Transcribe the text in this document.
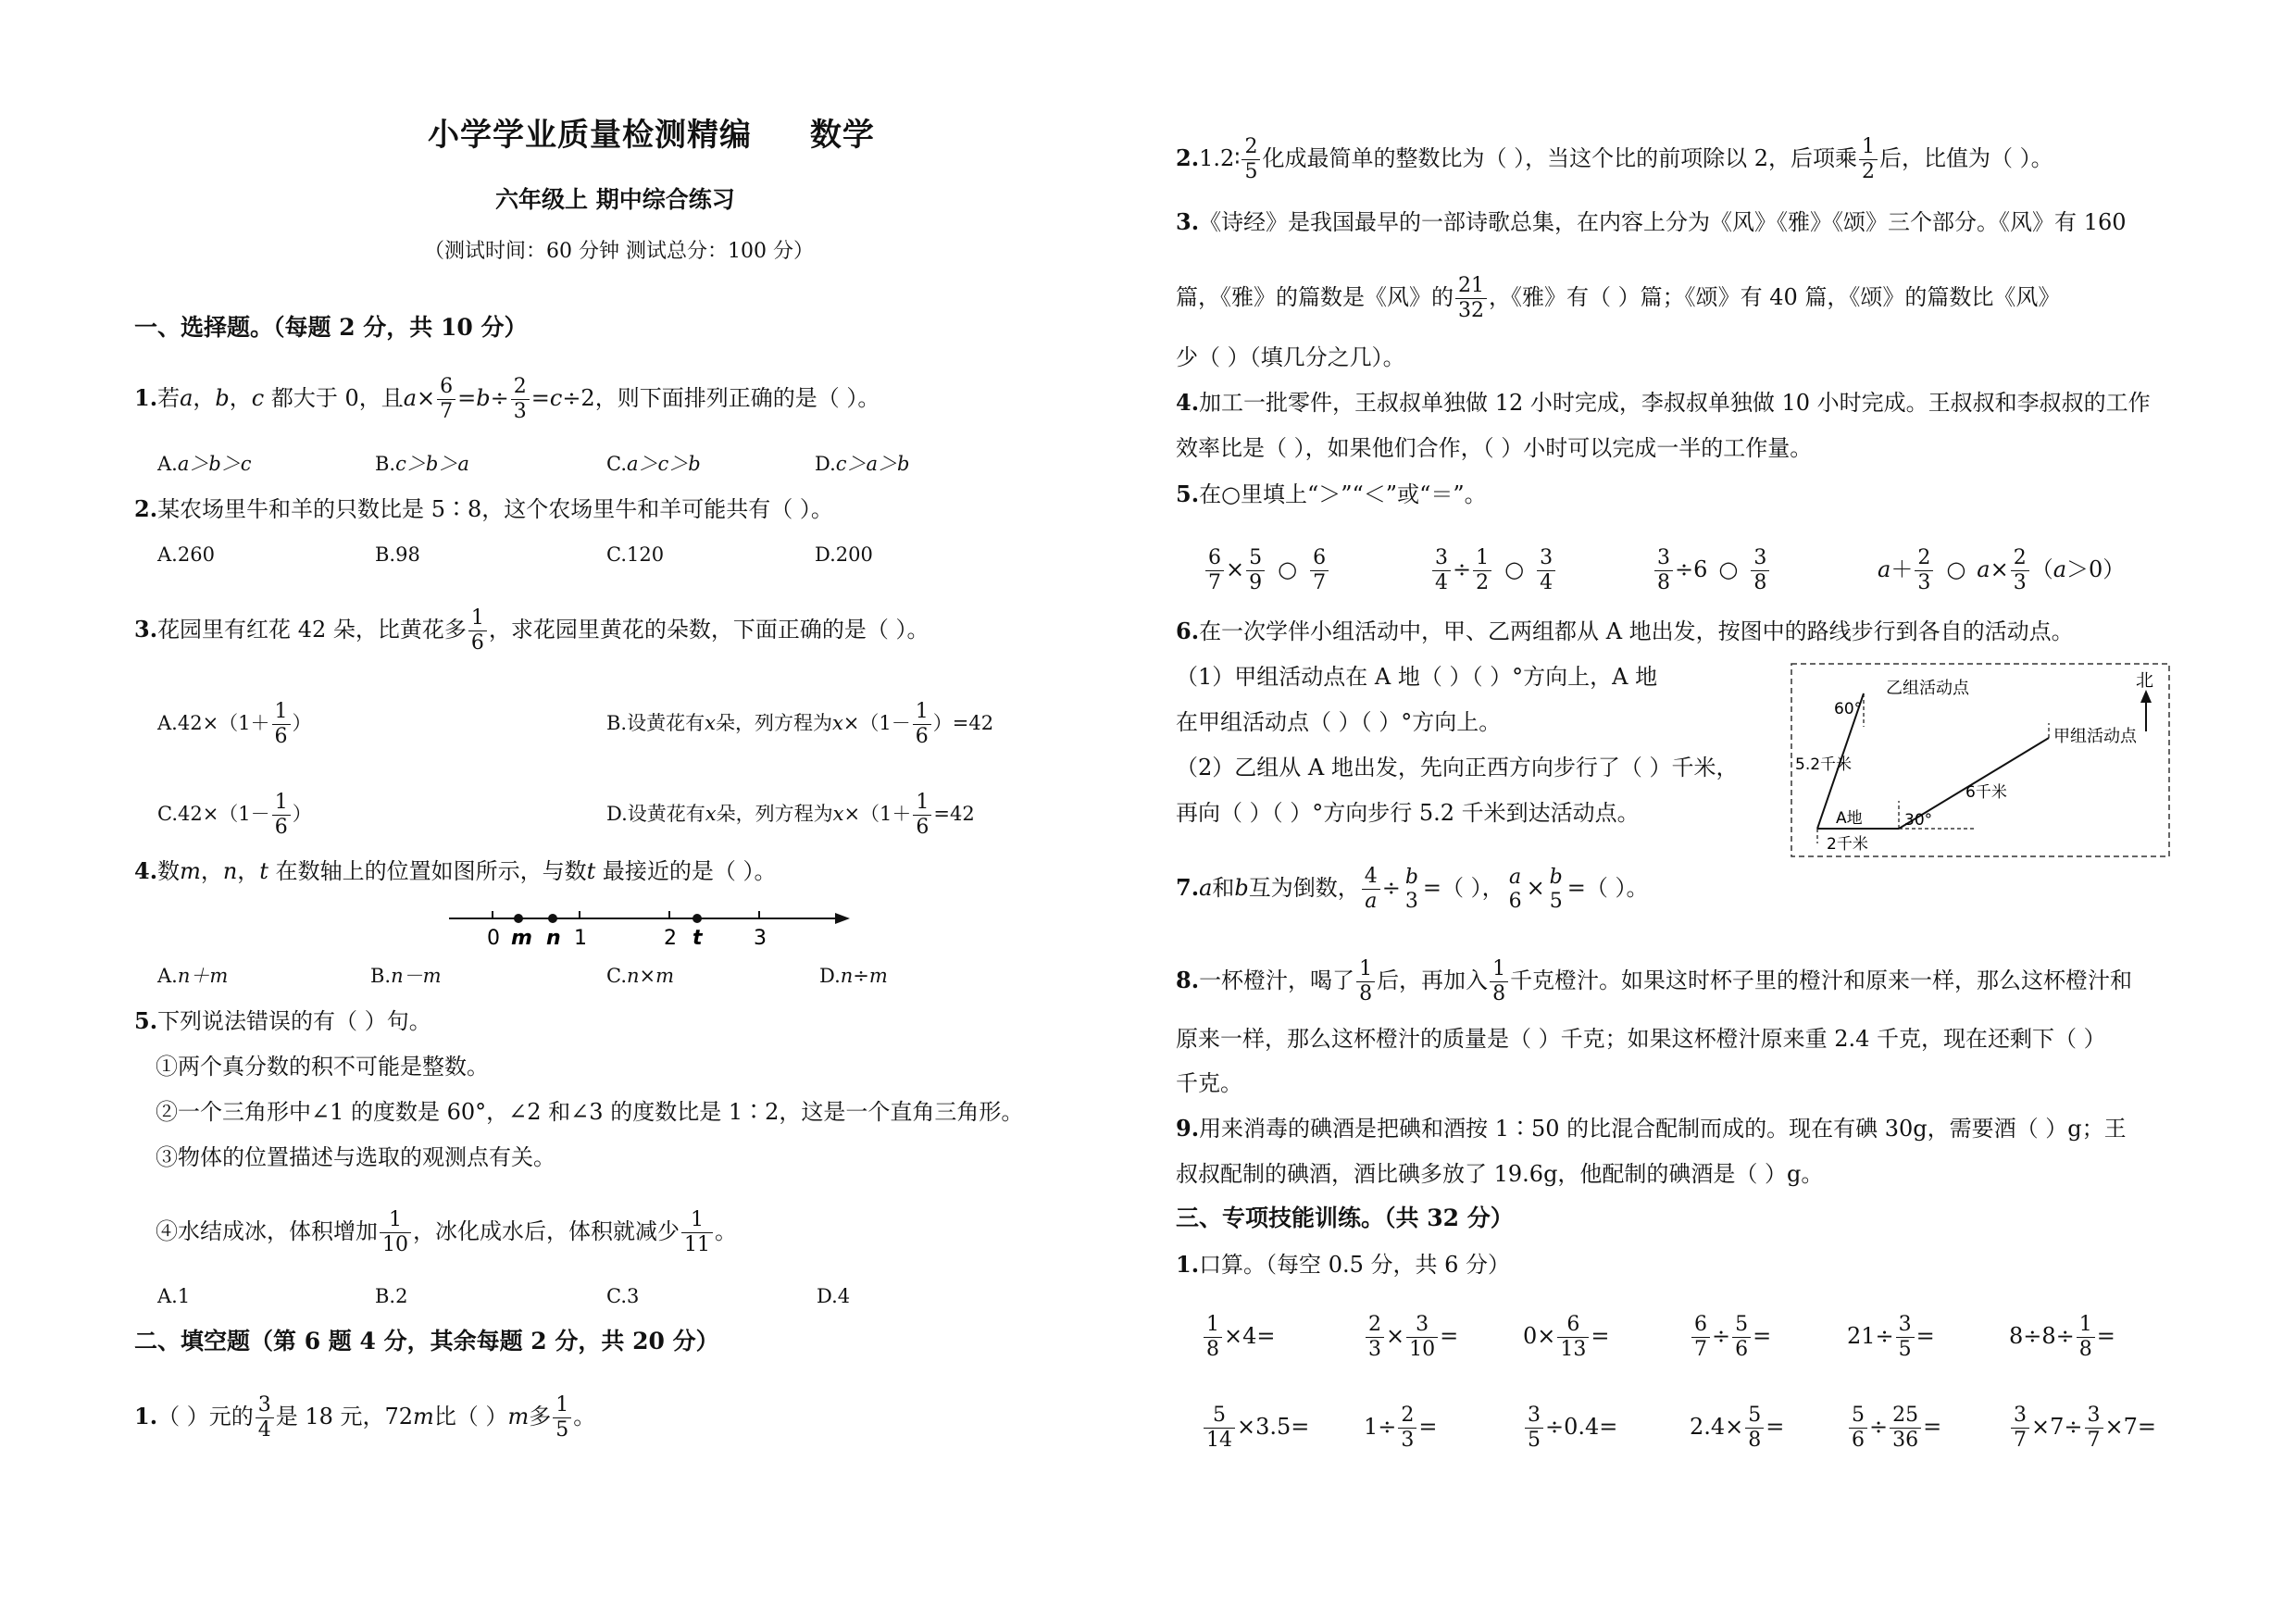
小学学业质量检测精编 数学
六年级上 期中综合练习
（测试时间：60 分钟 测试总分：100 分）
一、选择题。（每题 2 分，共 10 分）
1.若a，b，c 都大于 0，且$a\times \frac{6}{7} =b\div \frac{2}{3} =c\div 2$，则下面排列正确的是（ ）。
A.a＞b＞c	B.c＞b＞a	C.a＞c＞b	D.c＞a＞b
2.某农场里牛和羊的只数比是 5∶8，这个农场里牛和羊可能共有（ ）。
A.260	B.98	C.120	D.200
3.花园里有红花 42 朵，比黄花多 $\frac{1}{6}$ ，求花园里黄花的朵数，下面正确的是（ ）。
$A.42\times(1+ \frac{1}{6}$ ）	B.设黄花有x朵，列方程为$x\times(1- \frac{1}{6} )=42$
$C.42\times(1- \frac{1}{6}$ ）	D.设黄花有x朵，列方程为$x\times(1+ \frac{1}{6} =42$
4.数m，n，t 在数轴上的位置如图所示，与数t 最接近的是（ ）。
0 m n 1	2 t	3
A.n＋m	B.n－m	C.n×m	D.n÷m
5.下列说法错误的有（ ）句。
①两个真分数的积不可能是整数。
②一个三角形中∠1 的度数是 60°，∠2 和∠3 的度数比是 1∶2，这是一个直角三角形。
③物体的位置描述与选取的观测点有关。
④水结成冰，体积增加 $\frac{1}{10}$ ，冰化成水后，体积就减少 $\frac{1}{11}$ 。
A.1	B.2	C.3	D.4
二、填空题（第 6 题 4 分，其余每题 2 分，共 20 分）
1.（ ）元的 $\frac{3}{4}$ 是 18 元，72m比（ ）m多 $\frac{1}{5}$ 。
2.1.2∶ $\frac{2}{5}$ 化成最简单的整数比为（ ），当这个比的前项除以 2，后项乘 $\frac{1}{2}$ 后，比值为（ ）。
3.《诗经》是我国最早的一部诗歌总集，在内容上分为《风》《雅》《颂》三个部分。《风》有 160
篇，《雅》的篇数是《风》的 $\frac{21}{32}$ ，《雅》有（ ）篇；《颂》有 40 篇，《颂》的篇数比《风》
少（ ）（填几分之几）。
4.加工一批零件，王叔叔单独做 12 小时完成，李叔叔单独做 10 小时完成。王叔叔和李叔叔的工作
效率比是（ ），如果他们合作，（ ）小时可以完成一半的工作量。
5.在○里填上“＞”“＜”或“＝”。
$\frac{6}{7} \times \frac{5}{9}$ ○ $\frac{6}{7}$	$\frac{3}{4} \div \frac{1}{2}$ ○ $\frac{3}{4}$	$\frac{3}{8} \div 6$ ○ $\frac{3}{8}$	$a+ \frac{2}{3}$ ○ $a\times \frac{2}{3} (a>0)$
6.在一次学伴小组活动中，甲、乙两组都从 A 地出发，按图中的路线步行到各自的活动点。
（1）甲组活动点在 A 地（ ）（ ）°方向上，A 地
在甲组活动点（ ）（ ）°方向上。
（2）乙组从 A 地出发，先向正西方向步行了（ ）千米，
再向（ ）（ ）°方向步行 5.2 千米到达活动点。
北
乙组活动点
甲组活动点
60°
5.2千米
6千米
A地
2千米
30°
7.a和b互为倒数， $\frac{4}{a}\div b$
3 =（ ）， a
6 × b
5 =（ ）。
8.一杯橙汁，喝了 $\frac{1}{8}$ 后，再加入 $\frac{1}{8}$ 千克橙汁。如果这时杯子里的橙汁和原来一样，那么这杯橙汁和
原来一样，那么这杯橙汁的质量是（ ）千克；如果这杯橙汁原来重 2.4 千克，现在还剩下（ ）
千克。
9.用来消毒的碘酒是把碘和酒按 1∶50 的比混合配制而成的。现在有碘 30g，需要酒（ ）g；王
叔叔配制的碘酒，酒比碘多放了 19.6g，他配制的碘酒是（ ）g。
三、专项技能训练。（共 32 分）
1.口算。（每空 0.5 分，共 6 分）
$\frac{1}{8} \times 4=$	$\frac{2}{3} \times \frac{3}{10}$ =	$0\times \frac{6}{13}$ =	$\frac{6}{7} \div \frac{5}{6}$ =	$21\div \frac{3}{5}$ =	$8\div 8\div \frac{1}{8}$ =
$\frac{5}{14} \times 3.5= 1\div \frac{2}{3}$ =	$\frac{3}{5} \div 0.4=$	$2.4\times \frac{5}{8}$ =	$\frac{5}{6} \div \frac{25}{36}$ =	$\frac{3}{7} \times 7\div \frac{3}{7} \times 7=$
